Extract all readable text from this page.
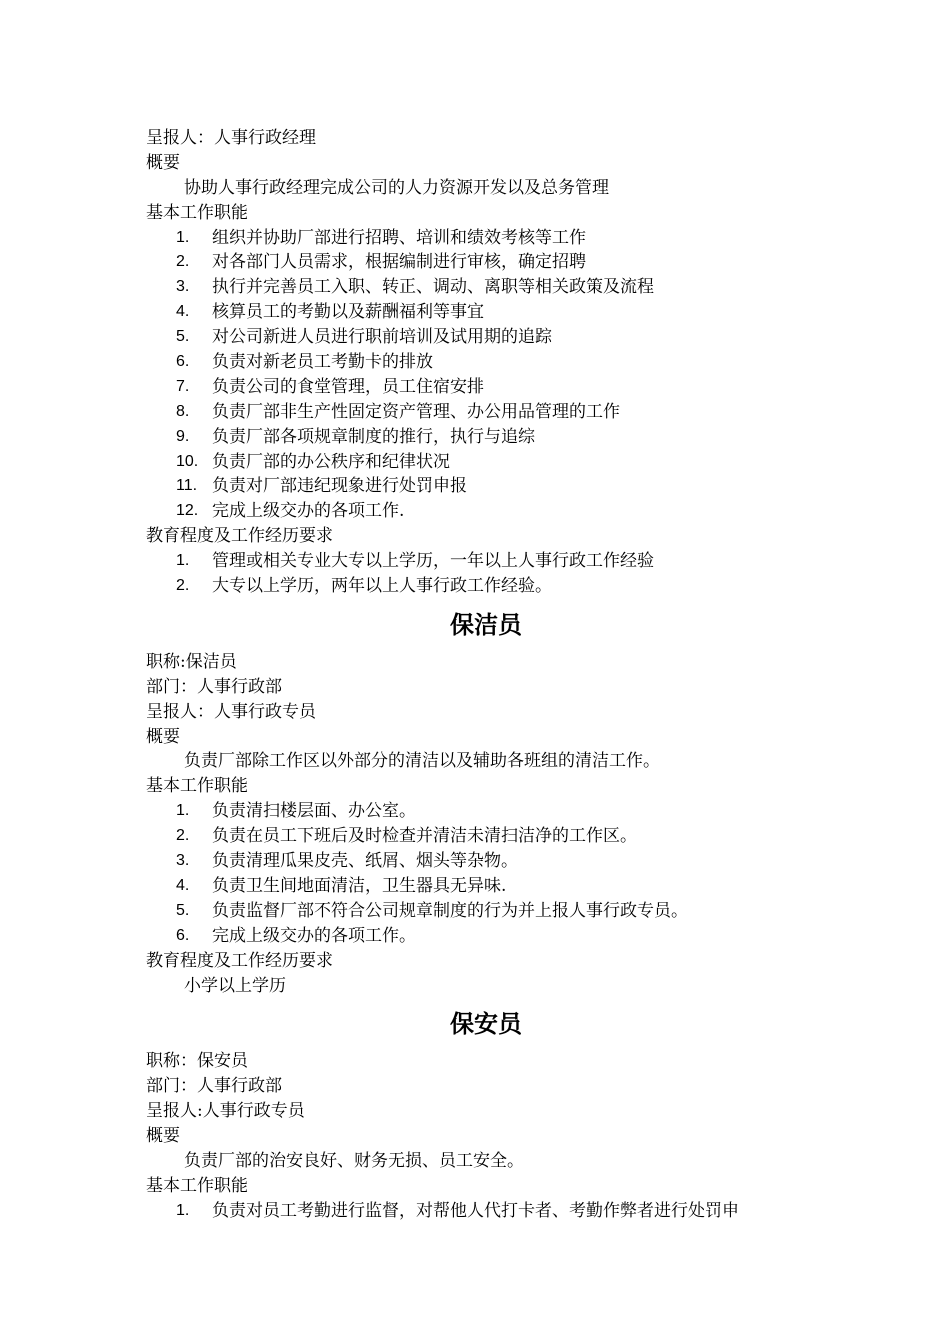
呈报人：人事行政经理
概要
协助人事行政经理完成公司的人力资源开发以及总务管理
基本工作职能
1.	组织并协助厂部进行招聘、培训和绩效考核等工作
2.	对各部门人员需求，根据编制进行审核，确定招聘
3.	执行并完善员工入职、转正、调动、离职等相关政策及流程
4.	核算员工的考勤以及薪酬福利等事宜
5.	对公司新进人员进行职前培训及试用期的追踪
6.	负责对新老员工考勤卡的排放
7.	负责公司的食堂管理，员工住宿安排
8.	负责厂部非生产性固定资产管理、办公用品管理的工作
9.	负责厂部各项规章制度的推行，执行与追综
10. 负责厂部的办公秩序和纪律状况
11. 负责对厂部违纪现象进行处罚申报
12. 完成上级交办的各项工作.
教育程度及工作经历要求
1.	管理或相关专业大专以上学历，一年以上人事行政工作经验
2.	大专以上学历，两年以上人事行政工作经验。
保洁员
职称:保洁员
部门：人事行政部
呈报人：人事行政专员
概要
负责厂部除工作区以外部分的清洁以及辅助各班组的清洁工作。
基本工作职能
1.	负责清扫楼层面、办公室。
2.	负责在员工下班后及时检查并清洁未清扫洁净的工作区。
3.	负责清理瓜果皮壳、纸屑、烟头等杂物。
4.	负责卫生间地面清洁，卫生器具无异味.
5.	负责监督厂部不符合公司规章制度的行为并上报人事行政专员。
6.	完成上级交办的各项工作。
教育程度及工作经历要求
小学以上学历
保安员
职称：保安员
部门：人事行政部
呈报人:人事行政专员
概要
负责厂部的治安良好、财务无损、员工安全。
基本工作职能
1.	负责对员工考勤进行监督，对帮他人代打卡者、考勤作弊者进行处罚申
